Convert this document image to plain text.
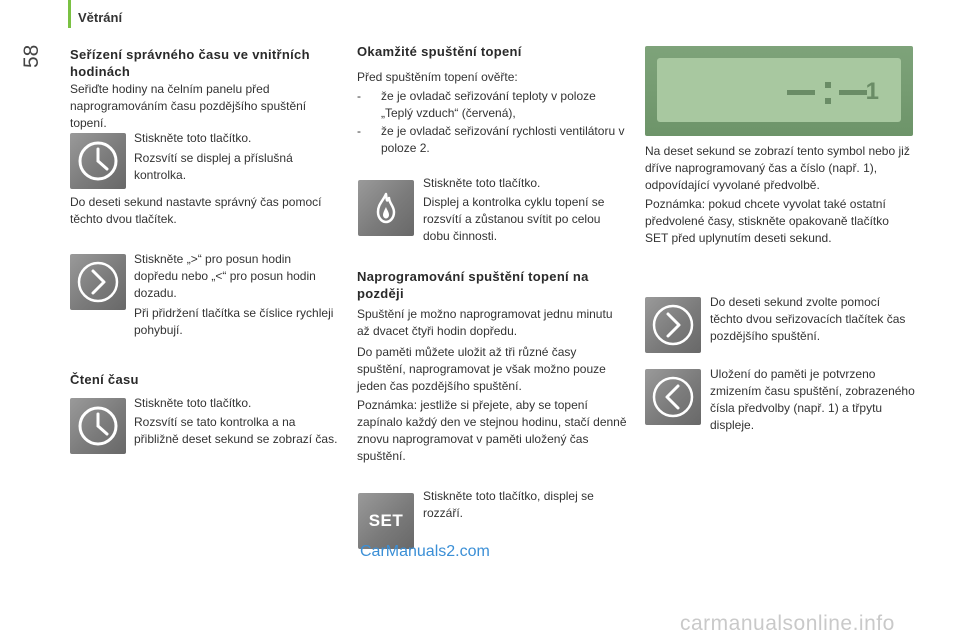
Větrání
58 Seřízení správného času ve vnitřních hodinách

Seřiďte hodiny na čelním panelu před naprogramováním času pozdějšího spuštění topení.

Stiskněte toto tlačítko.

Rozsvítí se displej a příslušná kontrolka.

Do deseti sekund nastavte správný čas pomocí těchto dvou tlačítek.

Stiskněte „>“ pro posun hodin dopředu nebo „<“ pro posun hodin dozadu.

Při přidržení tlačítka se číslice rychleji pohybují.

Čtení času

Stiskněte toto tlačítko.

Rozsvítí se tato kontrolka a na přibližně deset sekund se zobrazí čas.

Okamžité spuštění topení

Před spuštěním topení ověřte:

-	že je ovladač seřizování teploty v poloze „Teplý vzduch“ (červená),

-	že je ovladač seřizování rychlosti ventilátoru v poloze 2.

Stiskněte toto tlačítko.

Displej a kontrolka cyklu topení se rozsvítí a zůstanou svítit po celou dobu činnosti.

Naprogramování spuštění topení na později

Spuštění je možno naprogramovat jednu minutu až dvacet čtyři hodin dopředu.

Do paměti můžete uložit až tři různé časy spuštění, naprogramovat je však možno pouze jeden čas pozdějšího spuštění.

Poznámka: jestliže si přejete, aby se topení zapínalo každý den ve stejnou hodinu, stačí denně znovu naprogramovat v paměti uložený čas spuštění.

SET

Stiskněte toto tlačítko, displej se rozzáří.

1

Na deset sekund se zobrazí tento symbol nebo již dříve naprogramovaný čas a číslo (např. 1), odpovídající vyvolané předvolbě.

Poznámka: pokud chcete vyvolat také ostatní předvolené časy, stiskněte opakovaně tlačítko SET před uplynutím deseti sekund.

Do deseti sekund zvolte pomocí těchto dvou seřizovacích tlačítek čas pozdějšího spuštění.

Uložení do paměti je potvrzeno zmizením času spuštění, zobrazeného čísla předvolby (např. 1) a třpytu displeje.

CarManuals2.com
carmanualsonline.info
